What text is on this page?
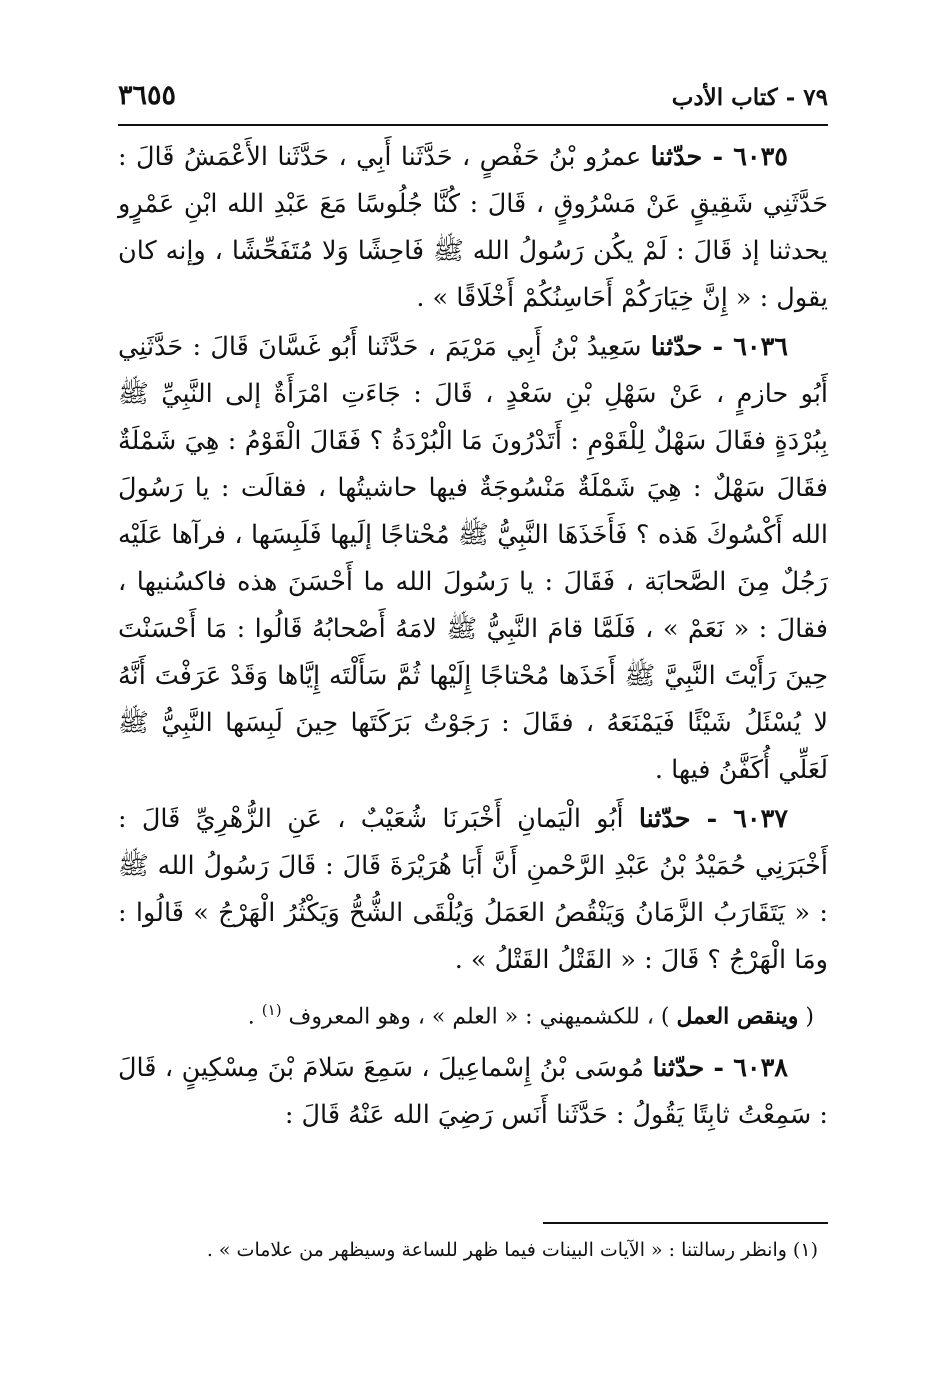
٧٩ - كتاب الأدب
٣٦٥٥

٦٠٣٥ - حدّثنا عمرُو بْنُ حَفْصٍ ، حَدَّثَنا أَبِي ، حَدَّثَنا الأَعْمَشُ قَالَ : حَدَّثَنِي شَقِيقٍ عَنْ مَسْرُوقٍ ، قَالَ : كُنَّا جُلُوسًا مَعَ عَبْدِ الله ابْنِ عَمْرٍو يحدثنا إذ قَالَ : لَمْ يكُن رَسُولُ الله ﷺ فَاحِشًا وَلا مُتَفَحِّشًا ، وإنه كان يقول : « إِنَّ خِيَارَكُمْ أَحَاسِنُكُمْ أَخْلَاقًا » .

٦٠٣٦ - حدّثنا سَعِيدُ بْنُ أَبِي مَرْيَمَ ، حَدَّثَنا أَبُو غَسَّانَ قَالَ : حَدَّثَنِي أَبُو حازمٍ ، عَنْ سَهْلِ بْنِ سَعْدٍ ، قَالَ : جَاءَتِ امْرَأَةٌ إلى النَّبِيِّ ﷺ بِبُرْدَةٍ فقَالَ سَهْلٌ لِلْقَوْمِ : أَتَدْرُونَ مَا الْبُرْدَةُ ؟ فَقَالَ الْقَوْمُ : هِيَ شَمْلَةٌ فقَالَ سَهْلٌ : هِيَ شَمْلَةٌ مَنْسُوجَةٌ فيها حاشيتُها ، فقالَت : يا رَسُولَ الله أَكْسُوكَ هَذه ؟ فَأَخَذَهَا النَّبِيُّ ﷺ مُحْتاجًا إلَيها فَلَبِسَها ، فرآها عَلَيْه رَجُلٌ مِنَ الصَّحابَة ، فَقَالَ : يا رَسُولَ الله ما أَحْسَنَ هذه فاكسُنيها ، فقالَ : « نَعَمْ » ، فَلَمَّا قامَ النَّبِيُّ ﷺ لامَهُ أَصْحابُهُ قَالُوا : مَا أَحْسَنْتَ حِينَ رَأَيْتَ النَّبِيَّ ﷺ أَخَذَها مُحْتاجًا إِلَيْها ثُمَّ سَأَلْتَه إِيَّاها وَقَدْ عَرَفْتَ أَنَّهُ لا يُسْئَلُ شَيْئًا فَيَمْنَعَهُ ، فقَالَ : رَجَوْتُ بَرَكَتَها حِينَ لَبِسَها النَّبِيُّ ﷺ لَعَلِّي أُكَفَّنُ فيها .

٦٠٣٧ - حدّثنا أَبُو الْيَمانِ أَخْبَرنَا شُعَيْبٌ ، عَنِ الزُّهْرِيِّ قَالَ : أَخْبَرَنِي حُمَيْدُ بْنُ عَبْدِ الرَّحْمنِ أَنَّ أَبَا هُرَيْرَةَ قَالَ : قَالَ رَسُولُ الله ﷺ : « يَتَقَارَبُ الزَّمَانُ وَيَنْقُصُ العَمَلُ وَيُلْقَى الشُّحُّ وَيَكْثُرُ الْهَرْجُ » قَالُوا : ومَا الْهَرْجُ ؟ قَالَ : « القَتْلُ القَتْلُ » .

( وينقص العمل ) ، للكشميهني : « العلم » ، وهو المعروف $^{(١)}$ .

٦٠٣٨ - حدّثنا مُوسَى بْنُ إِسْماعِيلَ ، سَمِعَ سَلامَ بْنَ مِسْكِينٍ ، قَالَ : سَمِعْتُ ثابِتًا يَقُولُ : حَدَّثَنا أَنَس رَضِيَ الله عَنْهُ قَالَ :

(١) وانظر رسالتنا : « الآيات البينات فيما ظهر للساعة وسيظهر من علامات » .
